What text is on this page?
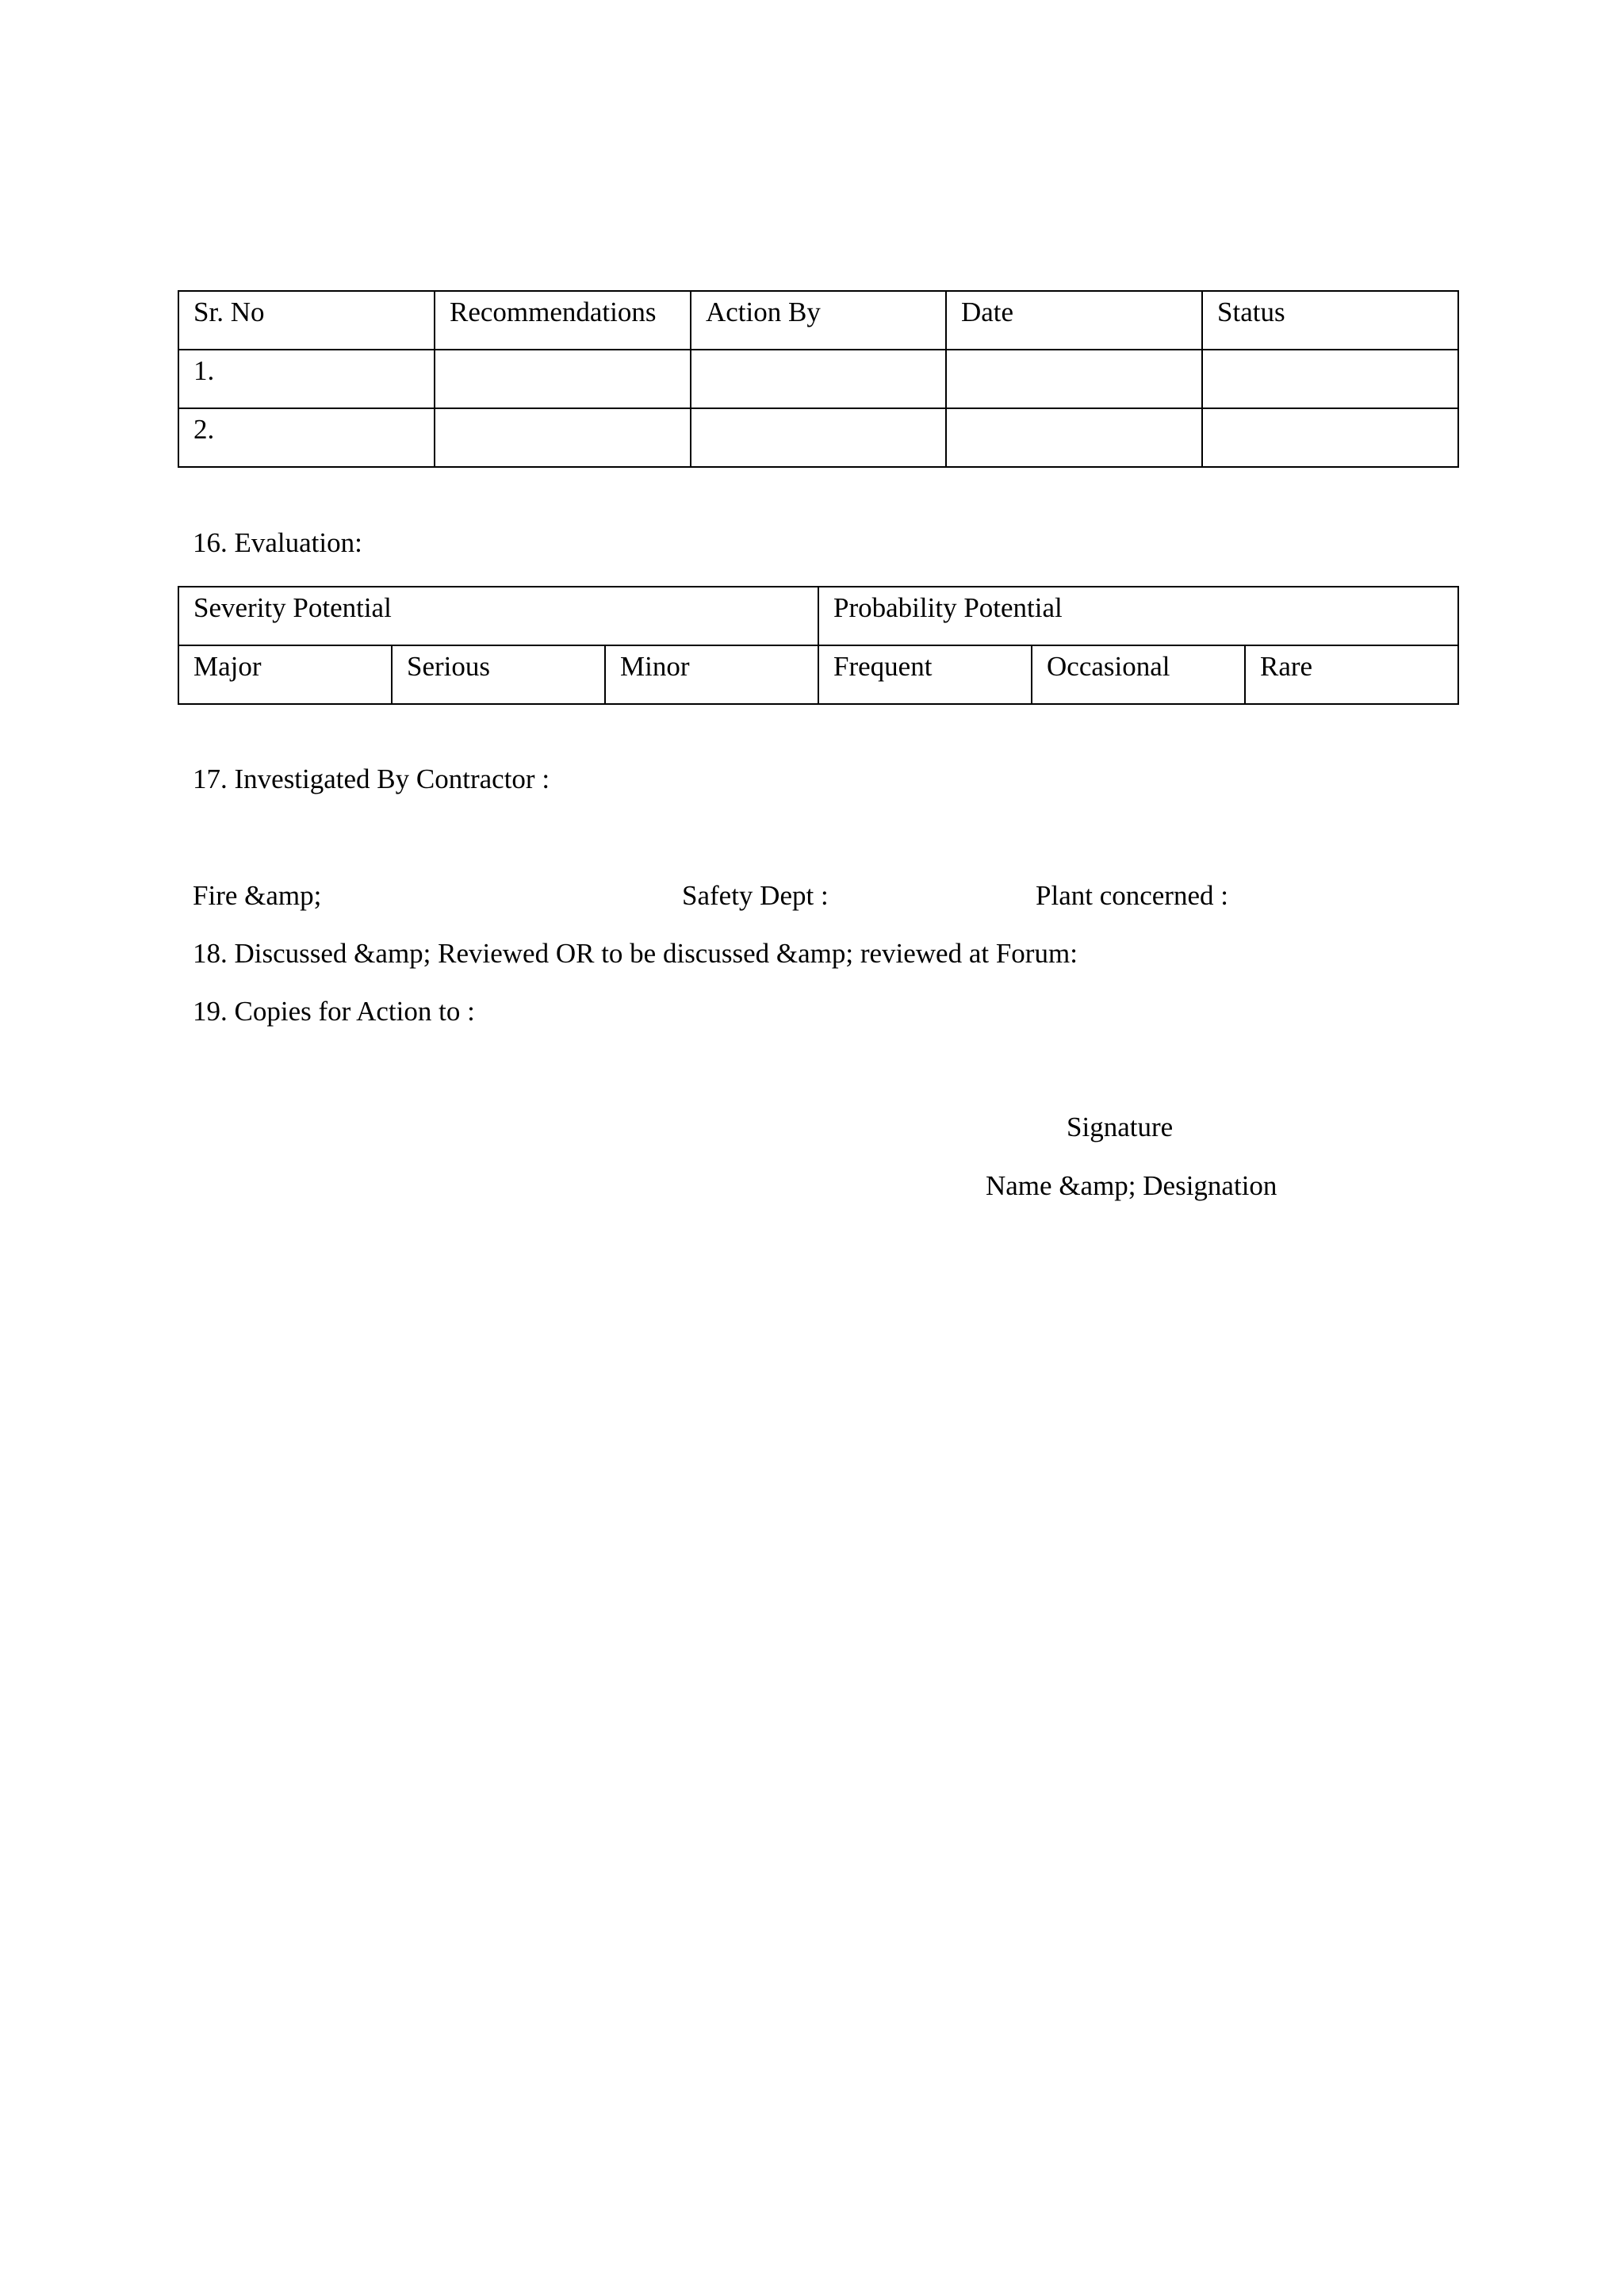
Sr. No	Recommendations	Action By	Date	Status

1.				

2.				

16. Evaluation:
Severity Potential			Probability Potential		

Major	Serious	Minor	Frequent	Occasional	Rare
17. Investigated By Contractor :
Fire &amp;	Safety Dept :	Plant concerned :
18. Discussed &amp; Reviewed OR to be discussed &amp; reviewed at Forum:
19. Copies for Action to :
Signature
Name &amp; Designation
